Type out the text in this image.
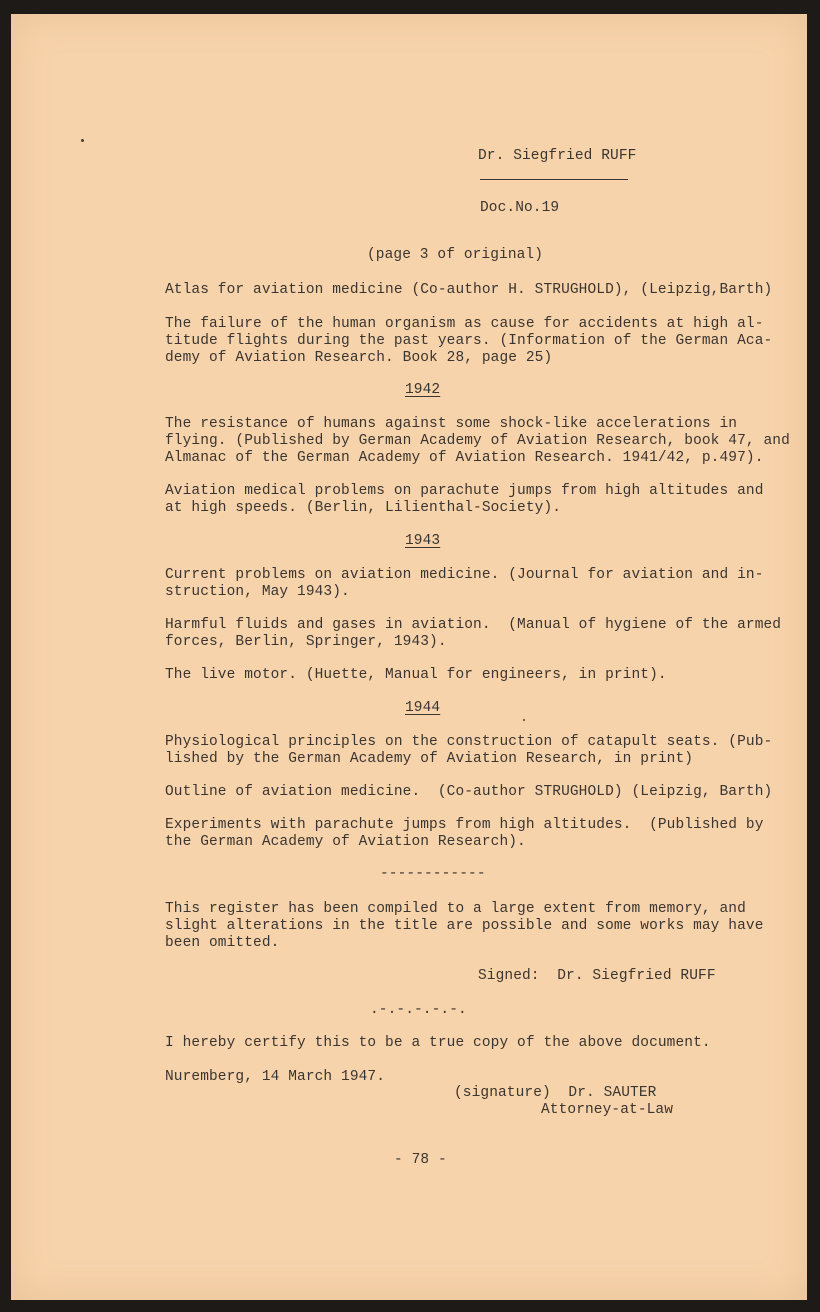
Dr. Siegfried RUFF
Doc.No.19
(page 3 of original)
Atlas for aviation medicine (Co-author H. STRUGHOLD), (Leipzig,Barth)
The failure of the human organism as cause for accidents at high al-
titude flights during the past years. (Information of the German Aca-
demy of Aviation Research. Book 28, page 25)
1942
The resistance of humans against some shock-like accelerations in
flying. (Published by German Academy of Aviation Research, book 47, and
Almanac of the German Academy of Aviation Research. 1941/42, p.497).
Aviation medical problems on parachute jumps from high altitudes and
at high speeds. (Berlin, Lilienthal-Society).
1943
Current problems on aviation medicine. (Journal for aviation and in-
struction, May 1943).
Harmful fluids and gases in aviation.  (Manual of hygiene of the armed
forces, Berlin, Springer, 1943).
The live motor. (Huette, Manual for engineers, in print).
1944
Physiological principles on the construction of catapult seats. (Pub-
lished by the German Academy of Aviation Research, in print)
Outline of aviation medicine.  (Co-author STRUGHOLD) (Leipzig, Barth)
Experiments with parachute jumps from high altitudes.  (Published by
the German Academy of Aviation Research).
------------
This register has been compiled to a large extent from memory, and
slight alterations in the title are possible and some works may have
been omitted.
Signed:  Dr. Siegfried RUFF
.-.-.-.-.-.
I hereby certify this to be a true copy of the above document.
Nuremberg, 14 March 1947.
(signature)  Dr. SAUTER
Attorney-at-Law
- 78 -
